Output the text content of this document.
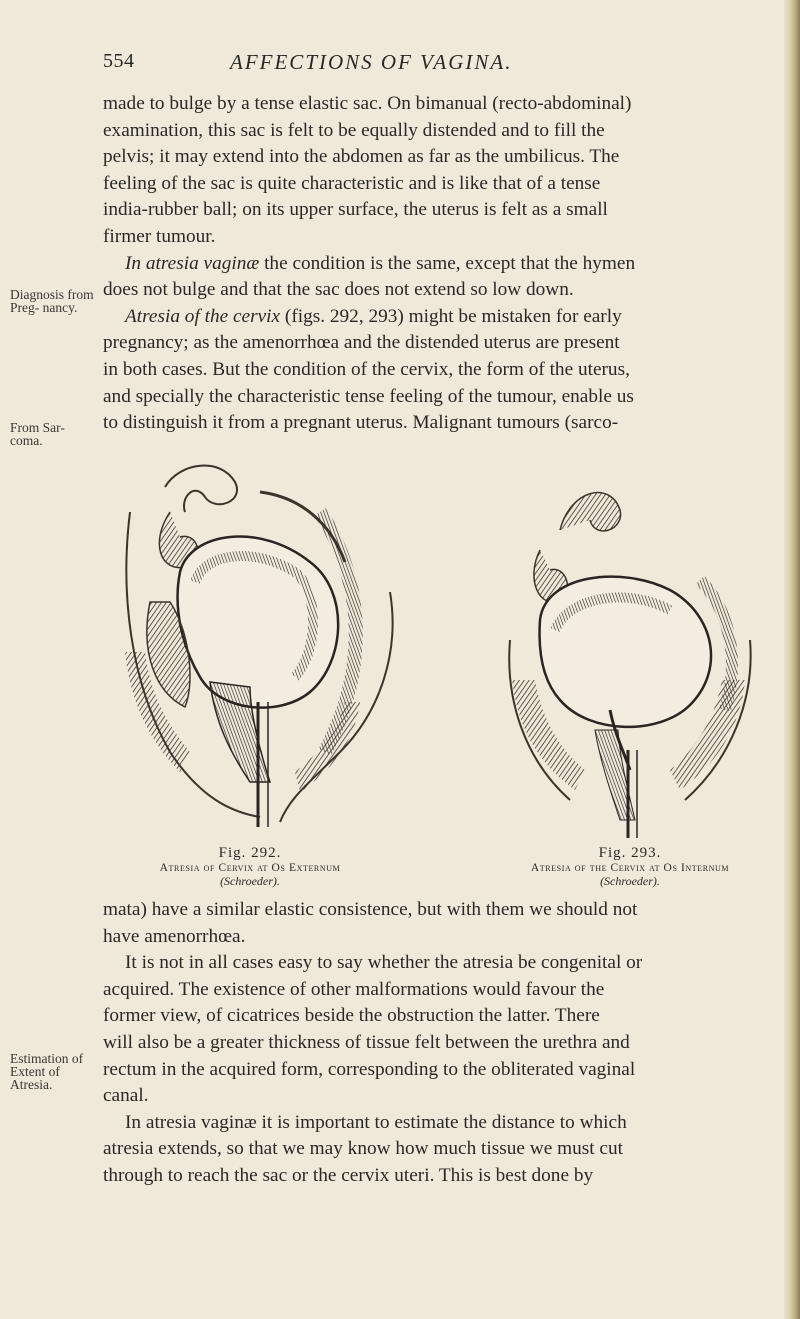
554	AFFECTIONS OF VAGINA.

made to bulge by a tense elastic sac. On bimanual (recto-abdominal)
examination, this sac is felt to be equally distended and to fill the
pelvis; it may extend into the abdomen as far as the umbilicus. The
feeling of the sac is quite characteristic and is like that of a tense
india-rubber ball; on its upper surface, the uterus is felt as a small
firmer tumour.

In atresia vaginæ the condition is the same, except that the hymen
does not bulge and that the sac does not extend so low down.

Atresia of the cervix (figs. 292, 293) might be mistaken for early
pregnancy; as the amenorrhœa and the distended uterus are present
in both cases. But the condition of the cervix, the form of the uterus,
and specially the characteristic tense feeling of the tumour, enable us
to distinguish it from a pregnant uterus. Malignant tumours (sarco-

Diagnosis from Preg- nancy.
From Sar- coma.
Estimation of Extent of Atresia.
Fig. 292.
Atresia of Cervix at Os Externum
(Schroeder).
Fig. 293.
Atresia of the Cervix at Os Internum
(Schroeder).

mata) have a similar elastic consistence, but with them we should not
have amenorrhœa.

It is not in all cases easy to say whether the atresia be congenital or
acquired. The existence of other malformations would favour the
former view, of cicatrices beside the obstruction the latter. There
will also be a greater thickness of tissue felt between the urethra and
rectum in the acquired form, corresponding to the obliterated vaginal
canal.

In atresia vaginæ it is important to estimate the distance to which
atresia extends, so that we may know how much tissue we must cut
through to reach the sac or the cervix uteri. This is best done by
